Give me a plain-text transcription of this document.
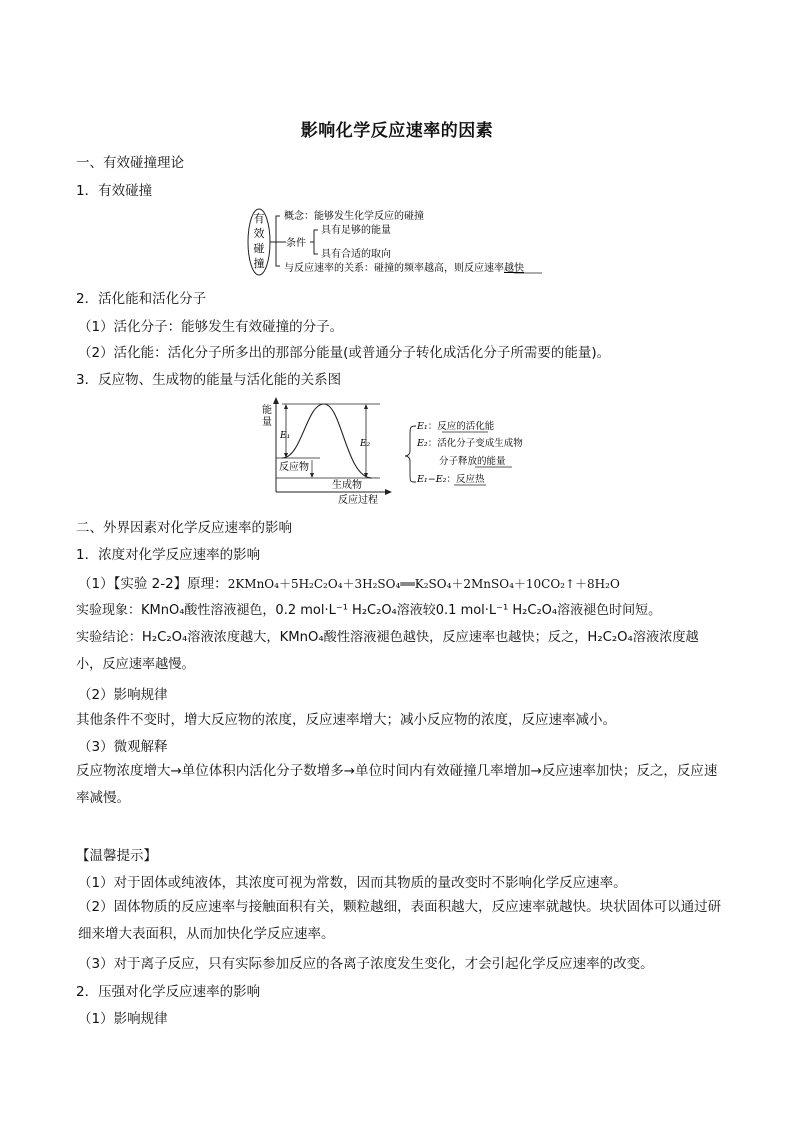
影响化学反应速率的因素
一、有效碰撞理论
1．有效碰撞
有
效
碰
撞
概念：能够发生化学反应的碰撞
条件
具有足够的能量
具有合适的取向
与反应速率的关系：碰撞的频率越高，则反应速率越快
2．活化能和活化分子
（1）活化分子：能够发生有效碰撞的分子。
（2）活化能：活化分子所多出的那部分能量(或普通分子转化成活化分子所需要的能量)。
3．反应物、生成物的能量与活化能的关系图
能
量
E₁
E₂
反应物
生成物
反应过程
E₁：反应的活化能
E₂：活化分子变成生成物
分子释放的能量
E₁−E₂：反应热
二、外界因素对化学反应速率的影响
1．浓度对化学反应速率的影响
（1）【实验 2-2】原理：2KMnO₄＋5H₂C₂O₄＋3H₂SO₄══K₂SO₄＋2MnSO₄＋10CO₂↑＋8H₂O
实验现象：KMnO₄酸性溶液褪色，0.2 mol·L⁻¹ H₂C₂O₄溶液较0.1 mol·L⁻¹ H₂C₂O₄溶液褪色时间短。
实验结论：H₂C₂O₄溶液浓度越大，KMnO₄酸性溶液褪色越快，反应速率也越快；反之，H₂C₂O₄溶液浓度越小，反应速率越慢。
（2）影响规律
其他条件不变时，增大反应物的浓度，反应速率增大；减小反应物的浓度，反应速率减小。
（3）微观解释
反应物浓度增大→单位体积内活化分子数增多→单位时间内有效碰撞几率增加→反应速率加快；反之，反应速率减慢。
【温馨提示】
（1）对于固体或纯液体，其浓度可视为常数，因而其物质的量改变时不影响化学反应速率。
（2）固体物质的反应速率与接触面积有关，颗粒越细，表面积越大，反应速率就越快。块状固体可以通过研细来增大表面积，从而加快化学反应速率。
（3）对于离子反应，只有实际参加反应的各离子浓度发生变化，才会引起化学反应速率的改变。
2．压强对化学反应速率的影响
（1）影响规律
